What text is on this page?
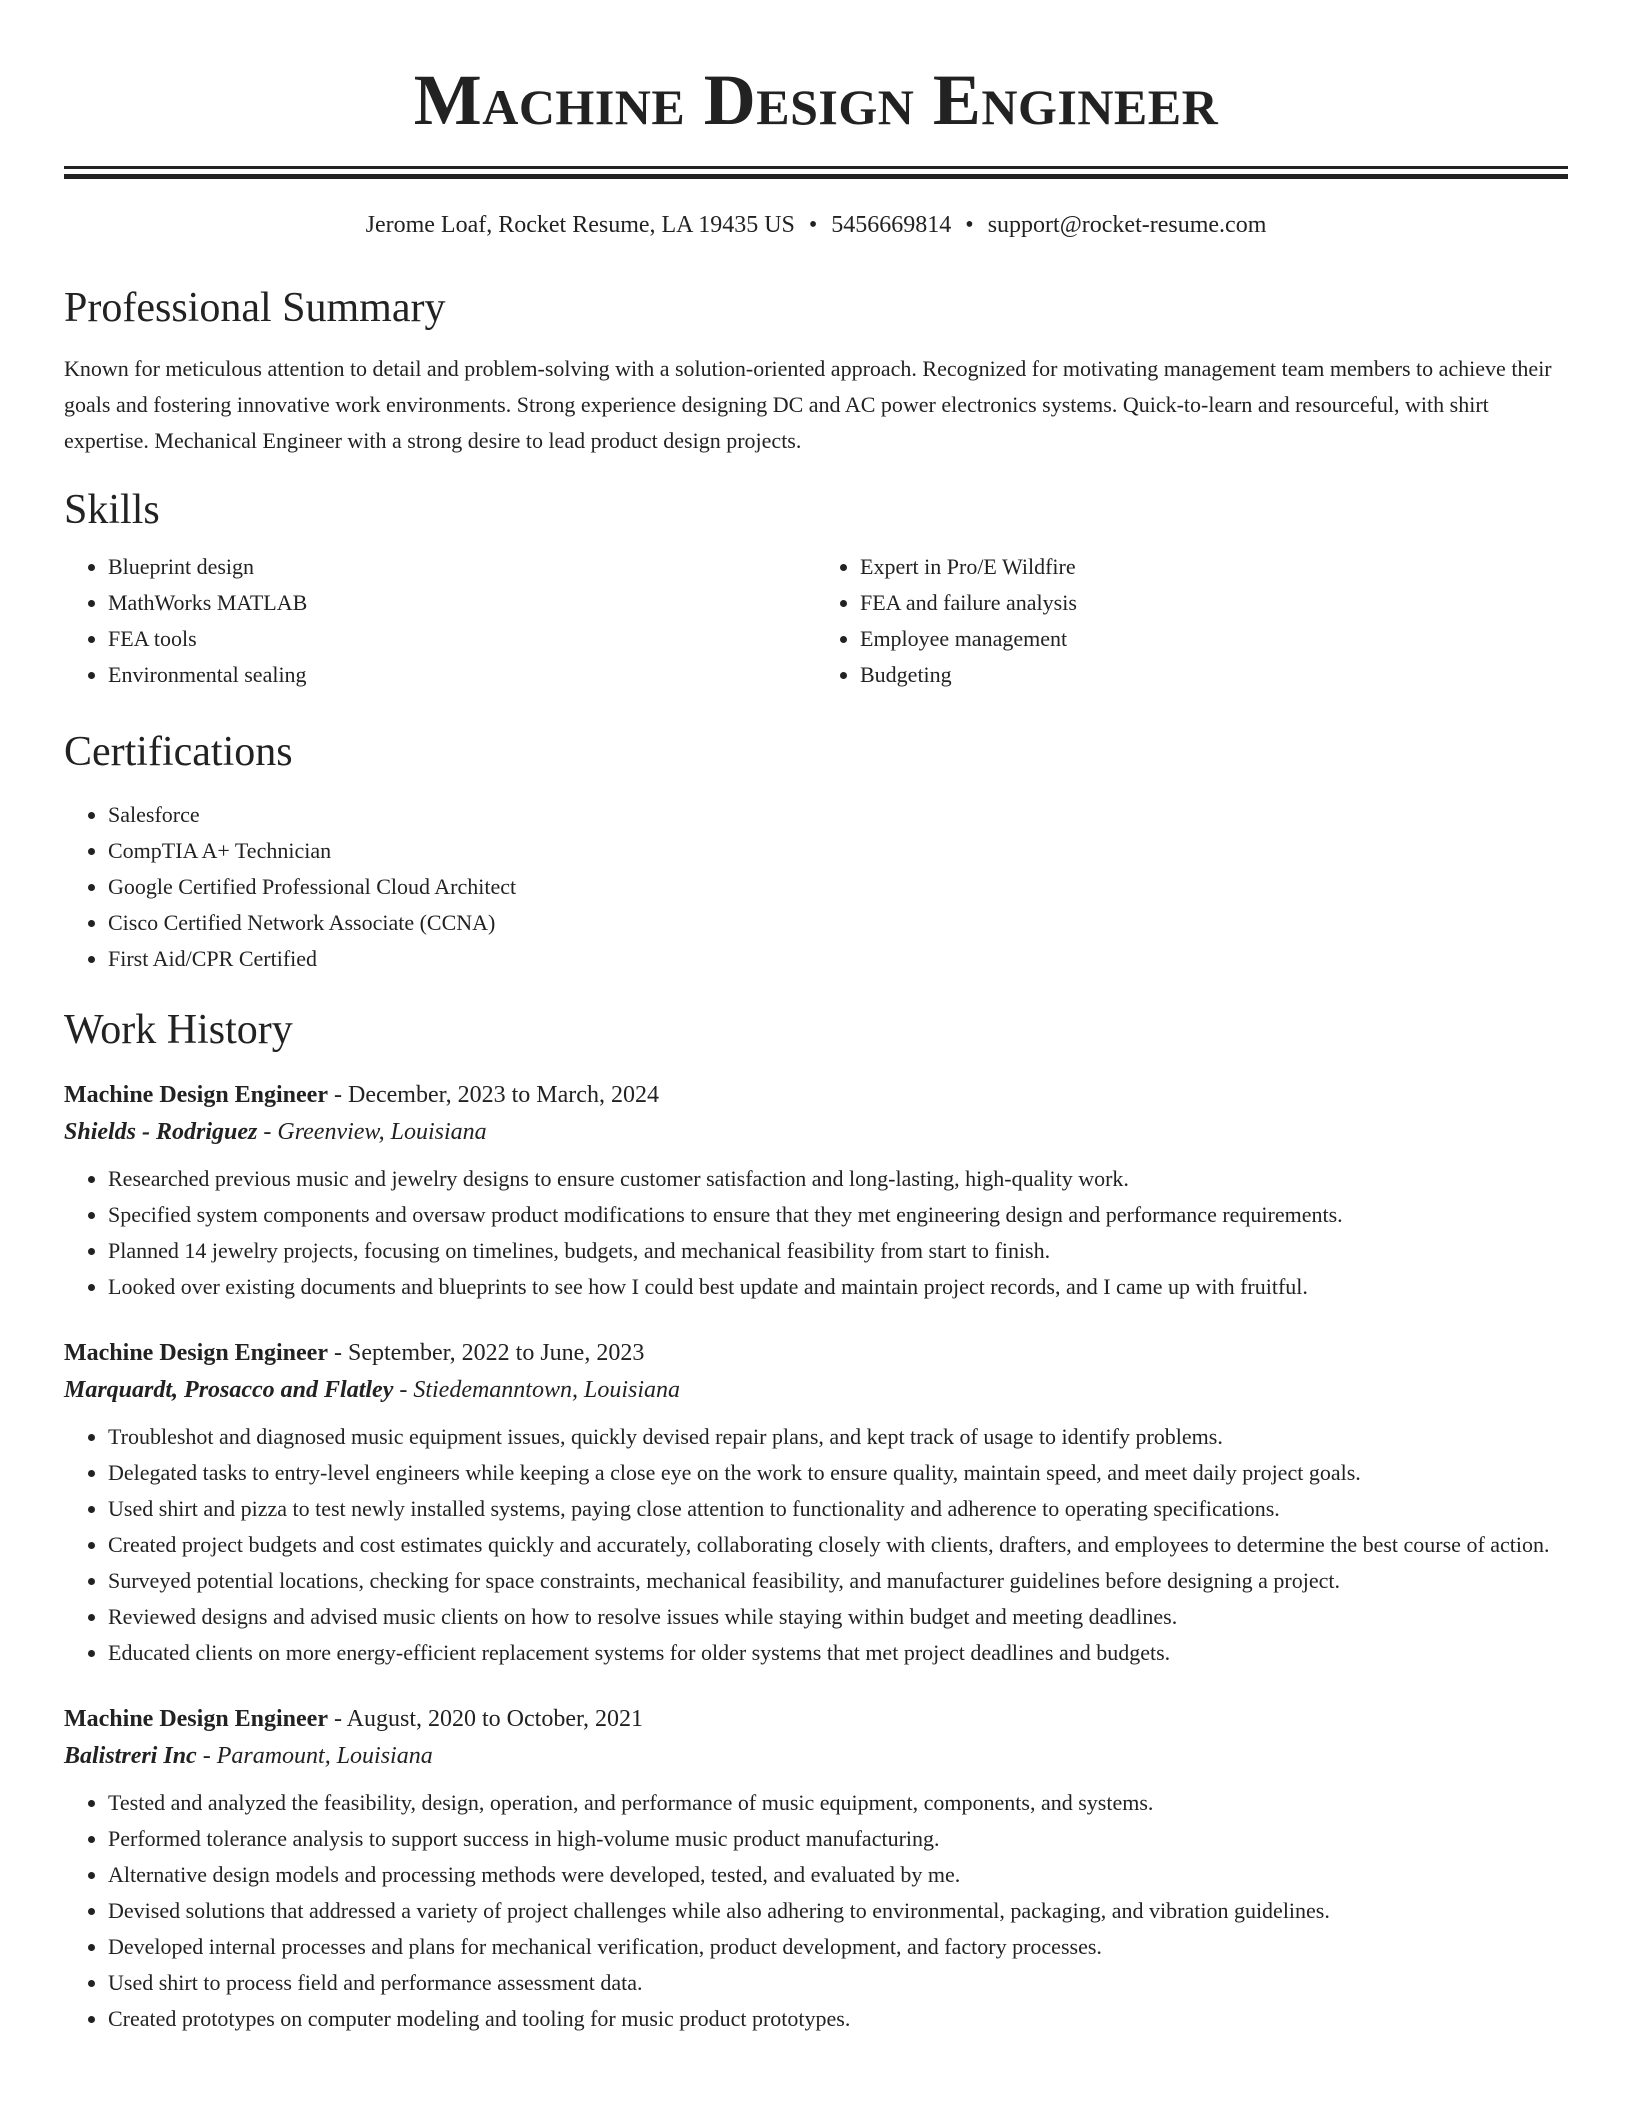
Machine Design Engineer
Jerome Loaf, Rocket Resume, LA 19435 US • 5456669814 • support@rocket-resume.com
Professional Summary

Known for meticulous attention to detail and problem-solving with a solution-oriented approach. Recognized for motivating management team members to achieve their goals and fostering innovative work environments. Strong experience designing DC and AC power electronics systems. Quick-to-learn and resourceful, with shirt expertise. Mechanical Engineer with a strong desire to lead product design projects.

Skills
• Blueprint design
• MathWorks MATLAB
• FEA tools
• Environmental sealing
• Expert in Pro/E Wildfire
• FEA and failure analysis
• Employee management
• Budgeting
Certifications
• Salesforce
• CompTIA A+ Technician
• Google Certified Professional Cloud Architect
• Cisco Certified Network Associate (CCNA)
• First Aid/CPR Certified
Work History
Machine Design Engineer - December, 2023 to March, 2024
Shields - Rodriguez - Greenview, Louisiana
• Researched previous music and jewelry designs to ensure customer satisfaction and long-lasting, high-quality work.
• Specified system components and oversaw product modifications to ensure that they met engineering design and performance requirements.
• Planned 14 jewelry projects, focusing on timelines, budgets, and mechanical feasibility from start to finish.
• Looked over existing documents and blueprints to see how I could best update and maintain project records, and I came up with fruitful.
Machine Design Engineer - September, 2022 to June, 2023
Marquardt, Prosacco and Flatley - Stiedemanntown, Louisiana
• Troubleshot and diagnosed music equipment issues, quickly devised repair plans, and kept track of usage to identify problems.
• Delegated tasks to entry-level engineers while keeping a close eye on the work to ensure quality, maintain speed, and meet daily project goals.
• Used shirt and pizza to test newly installed systems, paying close attention to functionality and adherence to operating specifications.
• Created project budgets and cost estimates quickly and accurately, collaborating closely with clients, drafters, and employees to determine the best course of action.
• Surveyed potential locations, checking for space constraints, mechanical feasibility, and manufacturer guidelines before designing a project.
• Reviewed designs and advised music clients on how to resolve issues while staying within budget and meeting deadlines.
• Educated clients on more energy-efficient replacement systems for older systems that met project deadlines and budgets.
Machine Design Engineer - August, 2020 to October, 2021
Balistreri Inc - Paramount, Louisiana
• Tested and analyzed the feasibility, design, operation, and performance of music equipment, components, and systems.
• Performed tolerance analysis to support success in high-volume music product manufacturing.
• Alternative design models and processing methods were developed, tested, and evaluated by me.
• Devised solutions that addressed a variety of project challenges while also adhering to environmental, packaging, and vibration guidelines.
• Developed internal processes and plans for mechanical verification, product development, and factory processes.
• Used shirt to process field and performance assessment data.
• Created prototypes on computer modeling and tooling for music product prototypes.
